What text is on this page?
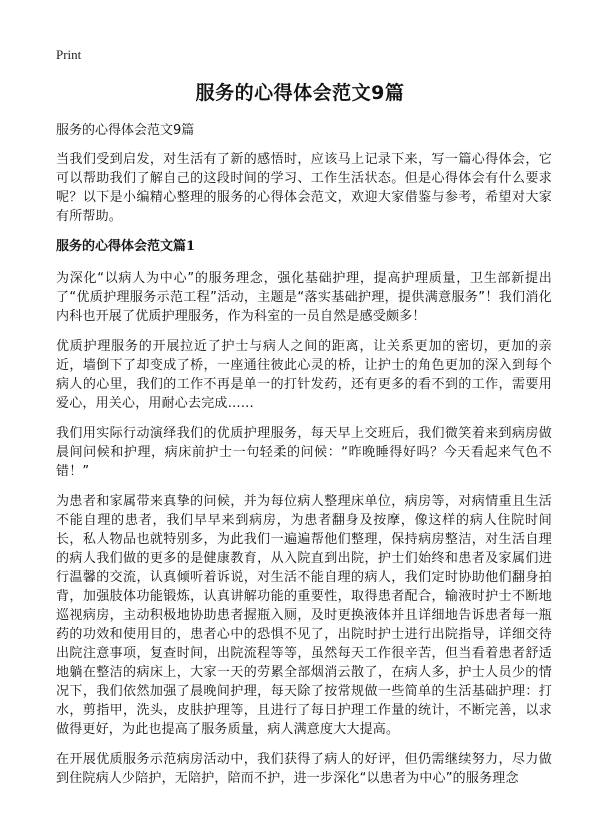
Print
服务的心得体会范文9篇
服务的心得体会范文9篇

当我们受到启发，对生活有了新的感悟时，应该马上记录下来，写一篇心得体会，它可以帮助我们了解自己的这段时间的学习、工作生活状态。但是心得体会有什么要求呢？以下是小编精心整理的服务的心得体会范文，欢迎大家借鉴与参考，希望对大家有所帮助。

服务的心得体会范文篇1

为深化“以病人为中心”的服务理念，强化基础护理，提高护理质量，卫生部新提出了“优质护理服务示范工程”活动，主题是“落实基础护理，提供满意服务”！我们消化内科也开展了优质护理服务，作为科室的一员自然是感受颇多！

优质护理服务的开展拉近了护士与病人之间的距离，让关系更加的密切，更加的亲近，墙倒下了却变成了桥，一座通往彼此心灵的桥，让护士的角色更加的深入到每个病人的心里，我们的工作不再是单一的打针发药，还有更多的看不到的工作，需要用爱心，用关心，用耐心去完成……

我们用实际行动演绎我们的优质护理服务，每天早上交班后，我们微笑着来到病房做晨间问候和护理，病床前护士一句轻柔的问候：“昨晚睡得好吗？今天看起来气色不错！”

为患者和家属带来真挚的问候，并为每位病人整理床单位，病房等，对病情重且生活不能自理的患者，我们早早来到病房，为患者翻身及按摩，像这样的病人住院时间长，私人物品也就特别多，为此我们一遍遍帮他们整理，保持病房整洁，对生活自理的病人我们做的更多的是健康教育，从入院直到出院，护士们始终和患者及家属们进行温馨的交流，认真倾听着诉说，对生活不能自理的病人，我们定时协助他们翻身拍背，加强肢体功能锻炼，认真讲解功能的重要性，取得患者配合，输液时护士不断地巡视病房，主动积极地协助患者握瓶入厕，及时更换液体并且详细地告诉患者每一瓶药的功效和使用目的，患者心中的恐惧不见了，出院时护士进行出院指导，详细交待出院注意事项，复查时间，出院流程等等，虽然每天工作很辛苦，但当看着患者舒适地躺在整洁的病床上，大家一天的劳累全部烟消云散了，在病人多，护士人员少的情况下，我们依然加强了晨晚间护理，每天除了按常规做一些简单的生活基础护理：打水，剪指甲，洗头，皮肤护理等，且进行了每日护理工作量的统计，不断完善，以求做得更好，为此也提高了服务质量，病人满意度大大提高。

在开展优质服务示范病房活动中，我们获得了病人的好评，但仍需继续努力，尽力做到住院病人少陪护，无陪护，陪而不护，进一步深化“以患者为中心”的服务理念
